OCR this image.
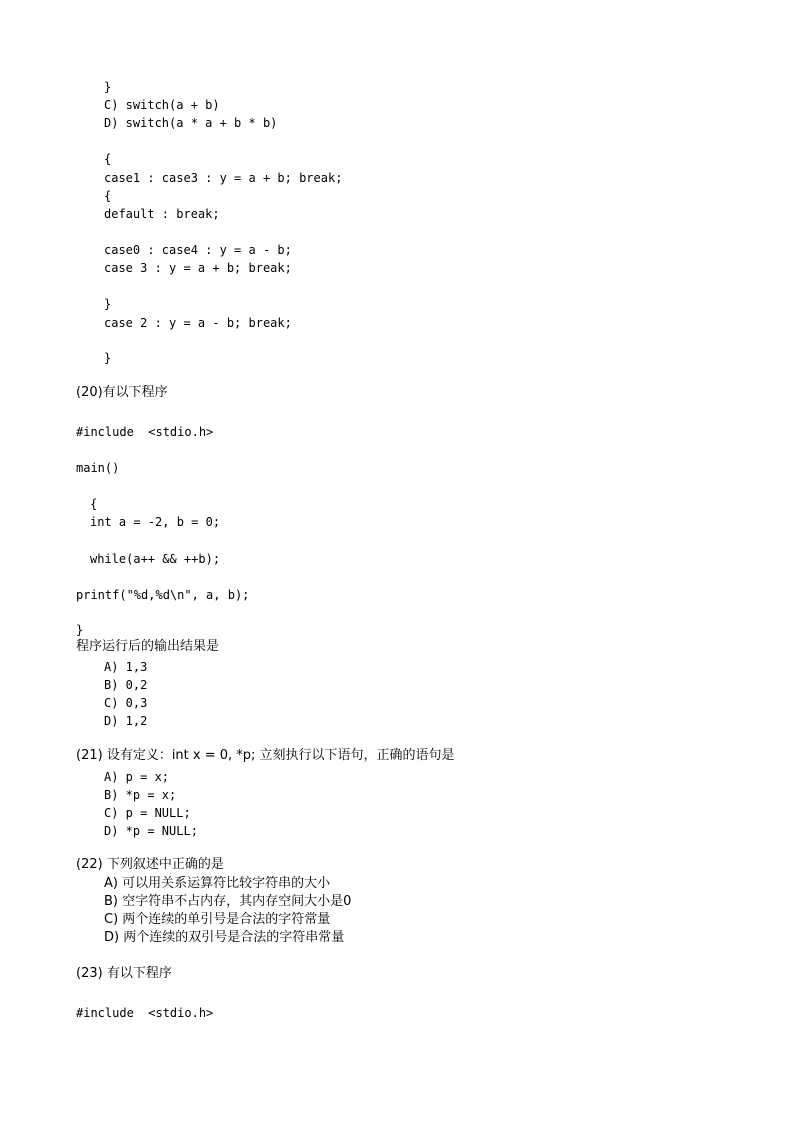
}
C) switch(a + b)
D) switch(a * a + b * b)
{
case1 : case3 : y = a + b; break;
{
default : break;
case0 : case4 : y = a - b;
case 3 : y = a + b; break;
}
case 2 : y = a - b; break;
}
(20)有以下程序
#include  <stdio.h>
main()
{
int a = -2, b = 0;
while(a++ && ++b);
printf("%d,%d\n", a, b);
}
程序运行后的输出结果是
A) 1,3
B) 0,2
C) 0,3
D) 1,2
(21) 设有定义：int x = 0, *p; 立刻执行以下语句，正确的语句是
A) p = x;
B) *p = x;
C) p = NULL;
D) *p = NULL;
(22) 下列叙述中正确的是
A) 可以用关系运算符比较字符串的大小
B) 空字符串不占内存，其内存空间大小是0
C) 两个连续的单引号是合法的字符常量
D) 两个连续的双引号是合法的字符串常量
(23) 有以下程序
#include  <stdio.h>
